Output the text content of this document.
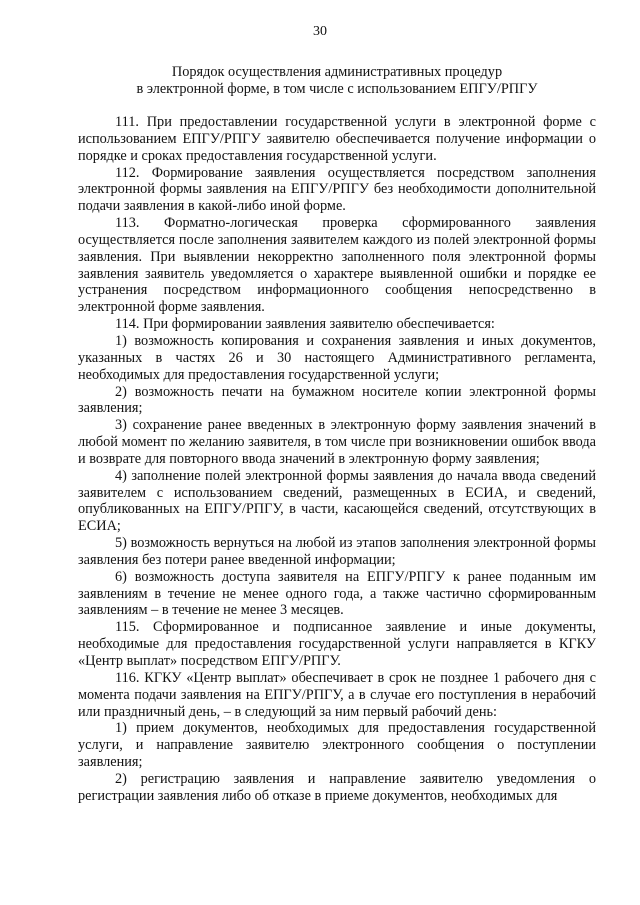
30
Порядок осуществления административных процедур
в электронной форме, в том числе с использованием ЕПГУ/РПГУ

111. При предоставлении государственной услуги в электронной форме с использованием ЕПГУ/РПГУ заявителю обеспечивается получение информации о порядке и сроках предоставления государственной услуги.

112. Формирование заявления осуществляется посредством заполнения электронной формы заявления на ЕПГУ/РПГУ без необходимости дополнительной подачи заявления в какой-либо иной форме.

113. Форматно-логическая проверка сформированного заявления осуществляется после заполнения заявителем каждого из полей электронной формы заявления. При выявлении некорректно заполненного поля электронной формы заявления заявитель уведомляется о характере выявленной ошибки и порядке ее устранения посредством информационного сообщения непосредственно в электронной форме заявления.

114. При формировании заявления заявителю обеспечивается:

1) возможность копирования и сохранения заявления и иных документов, указанных в частях 26 и 30 настоящего Административного регламента, необходимых для предоставления государственной услуги;

2) возможность печати на бумажном носителе копии электронной формы заявления;

3) сохранение ранее введенных в электронную форму заявления значений в любой момент по желанию заявителя, в том числе при возникновении ошибок ввода и возврате для повторного ввода значений в электронную форму заявления;

4) заполнение полей электронной формы заявления до начала ввода сведений заявителем с использованием сведений, размещенных в ЕСИА, и сведений, опубликованных на ЕПГУ/РПГУ, в части, касающейся сведений, отсутствующих в ЕСИА;

5) возможность вернуться на любой из этапов заполнения электронной формы заявления без потери ранее введенной информации;

6) возможность доступа заявителя на ЕПГУ/РПГУ к ранее поданным им заявлениям в течение не менее одного года, а также частично сформированным заявлениям – в течение не менее 3 месяцев.

115. Сформированное и подписанное заявление и иные документы, необходимые для предоставления государственной услуги направляется в КГКУ «Центр выплат» посредством ЕПГУ/РПГУ.

116. КГКУ «Центр выплат» обеспечивает в срок не позднее 1 рабочего дня с момента подачи заявления на ЕПГУ/РПГУ, а в случае его поступления в нерабочий или праздничный день, – в следующий за ним первый рабочий день:

1) прием документов, необходимых для предоставления государственной услуги, и направление заявителю электронного сообщения о поступлении заявления;

2) регистрацию заявления и направление заявителю уведомления о регистрации заявления либо об отказе в приеме документов, необходимых для
